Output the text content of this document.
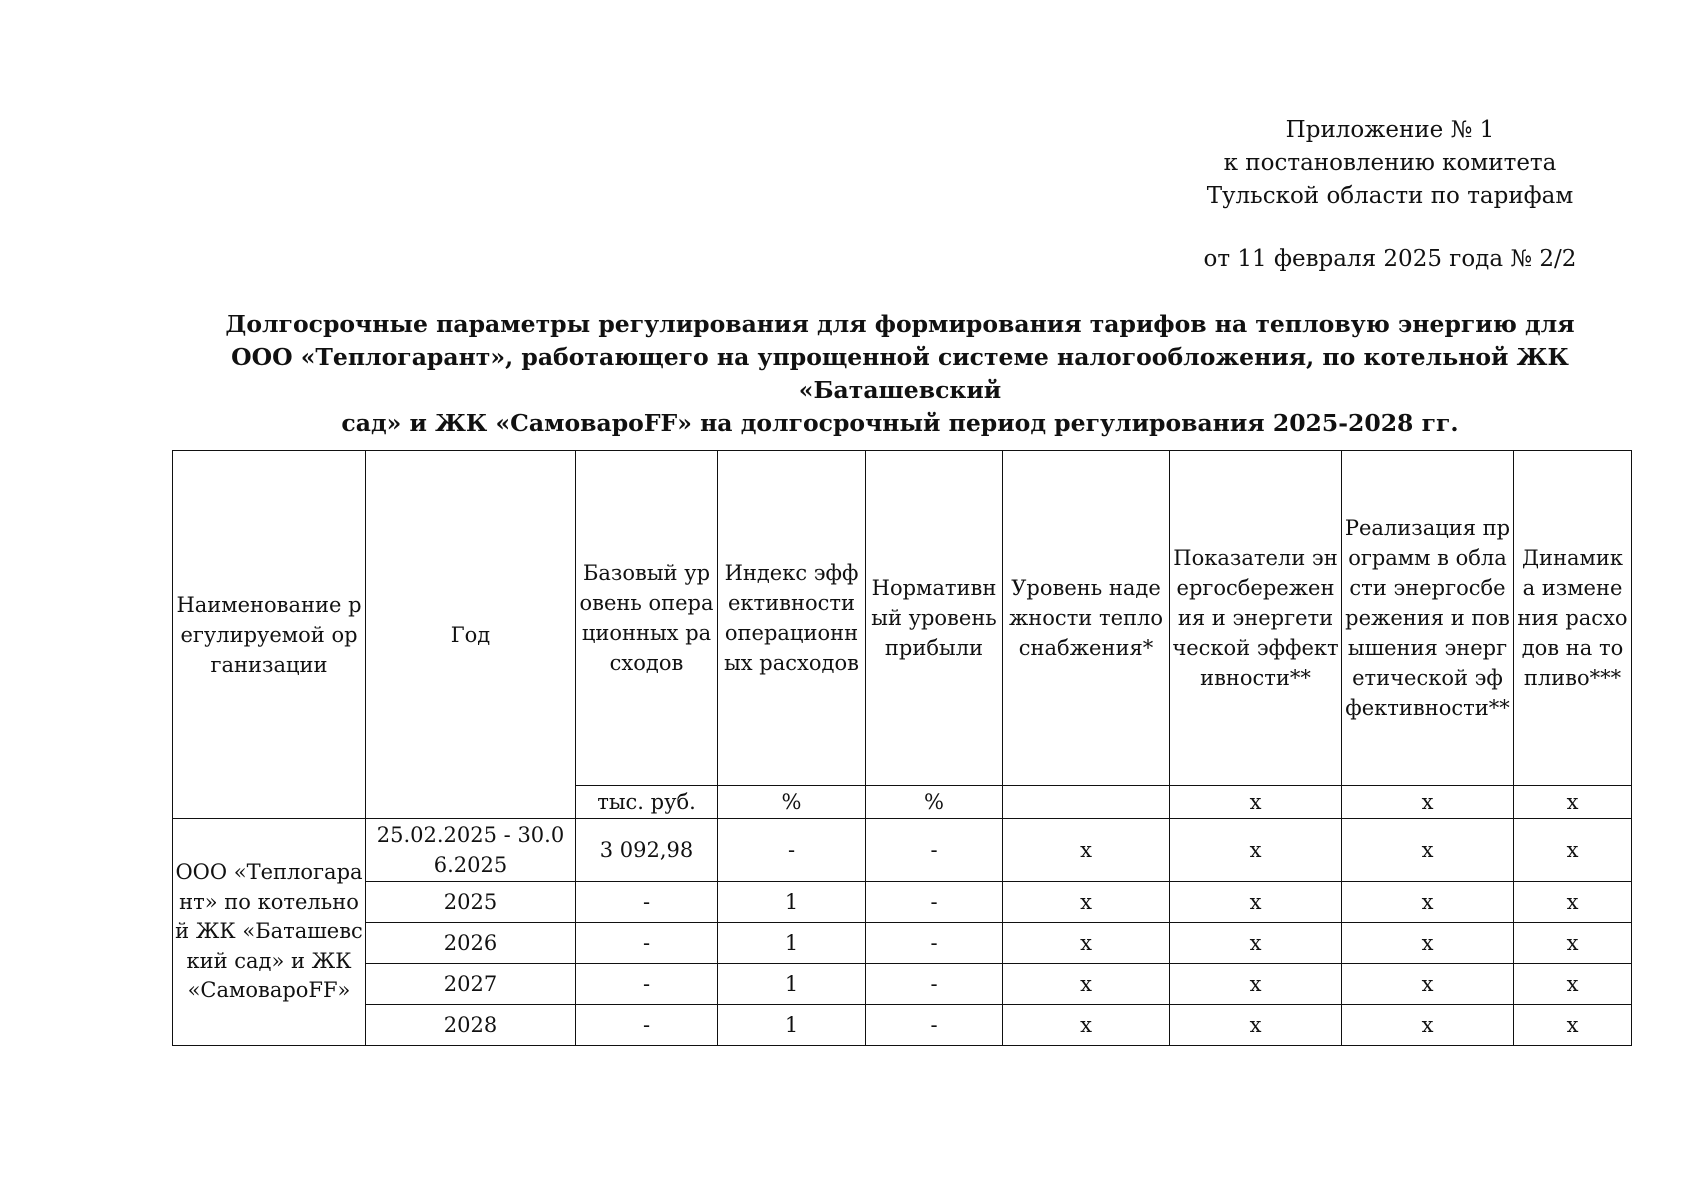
Приложение № 1
к постановлению комитета
Тульской области по тарифам
от 11 февраля 2025 года № 2/2
Долгосрочные параметры регулирования для формирования тарифов на тепловую энергию для
ООО «Теплогарант», работающего на упрощенной системе налогообложения, по котельной ЖК «Баташевский
сад» и ЖК «СамовароFF» на долгосрочный период регулирования 2025-2028 гг.
Наименование регулируемой организации	Год	Базовый уровень операционных расходов	Индекс эффективности операционных расходов	Нормативный уровень прибыли	Уровень надежности теплоснабжения*	Показатели энергосбережения и энергетической эффективности**	Реализация программ в области энергосбережения и повышения энергетической эффективности**	Динамика изменения расходов на топливо***
		тыс. руб.	%	%		x	x	x
ООО «Теплогарант» по котельной ЖК «Баташевский сад» и ЖК «СамовароFF»	25.02.2025 - 30.06.2025	3 092,98	-	-	x	x	x	x
	2025	-	1	-	x	x	x	x
	2026	-	1	-	x	x	x	x
	2027	-	1	-	x	x	x	x
	2028	-	1	-	x	x	x	x
